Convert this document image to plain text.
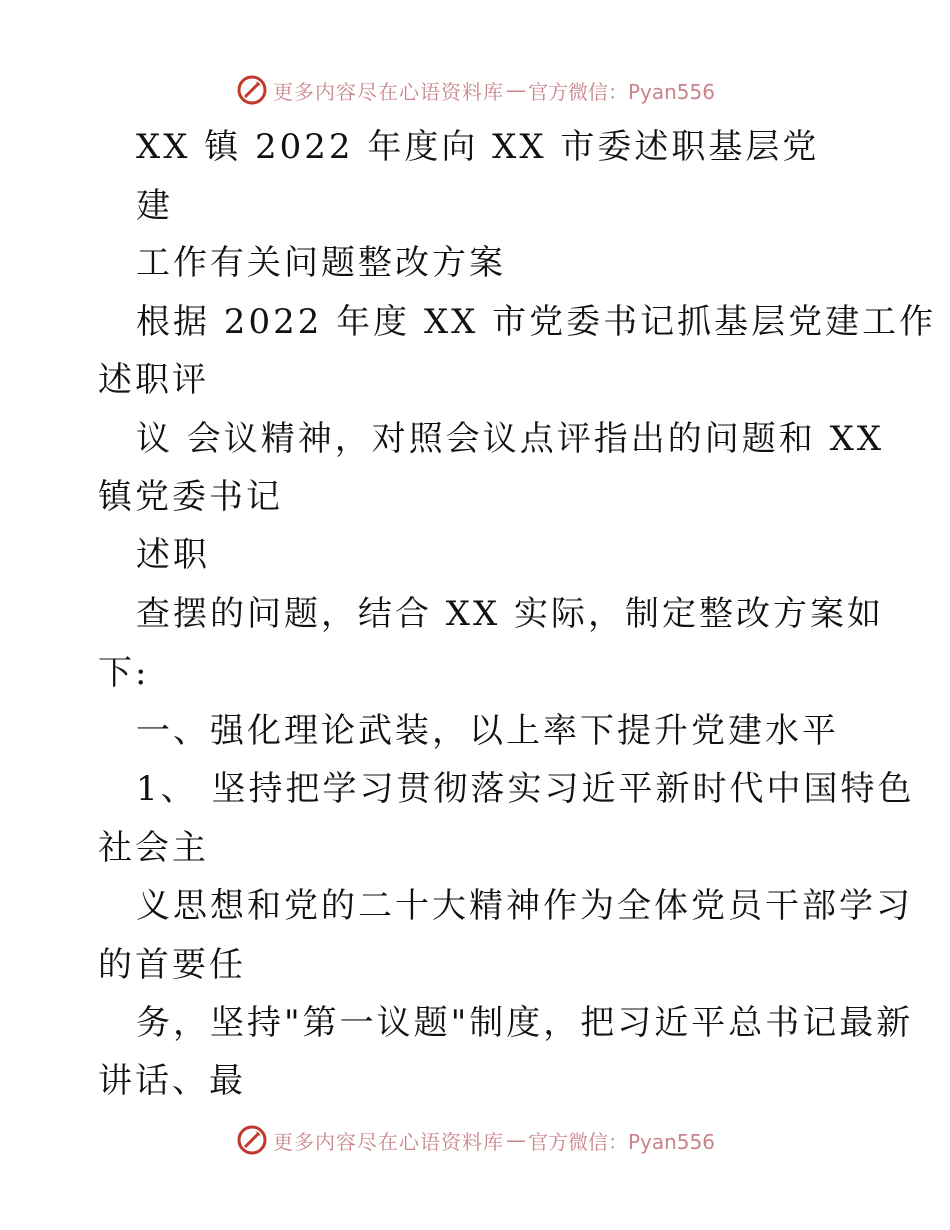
更多内容尽在心语资料库 — 官方微信：Pyan556
XX 镇 2022 年度向 XX 市委述职基层党
建
工作有关问题整改方案
根据 2022 年度 XX 市党委书记抓基层党建工作
述职评
议 会议精神，对照会议点评指出的问题和 XX
镇党委书记
述职
查摆的问题，结合 XX 实际，制定整改方案如
下:
一、强化理论武装，以上率下提升党建水平
1、 坚持把学习贯彻落实习近平新时代中国特色
社会主
义思想和党的二十大精神作为全体党员干部学习
的首要任
务，坚持"第一议题"制度，把习近平总书记最新
讲话、最
更多内容尽在心语资料库 — 官方微信：Pyan556
